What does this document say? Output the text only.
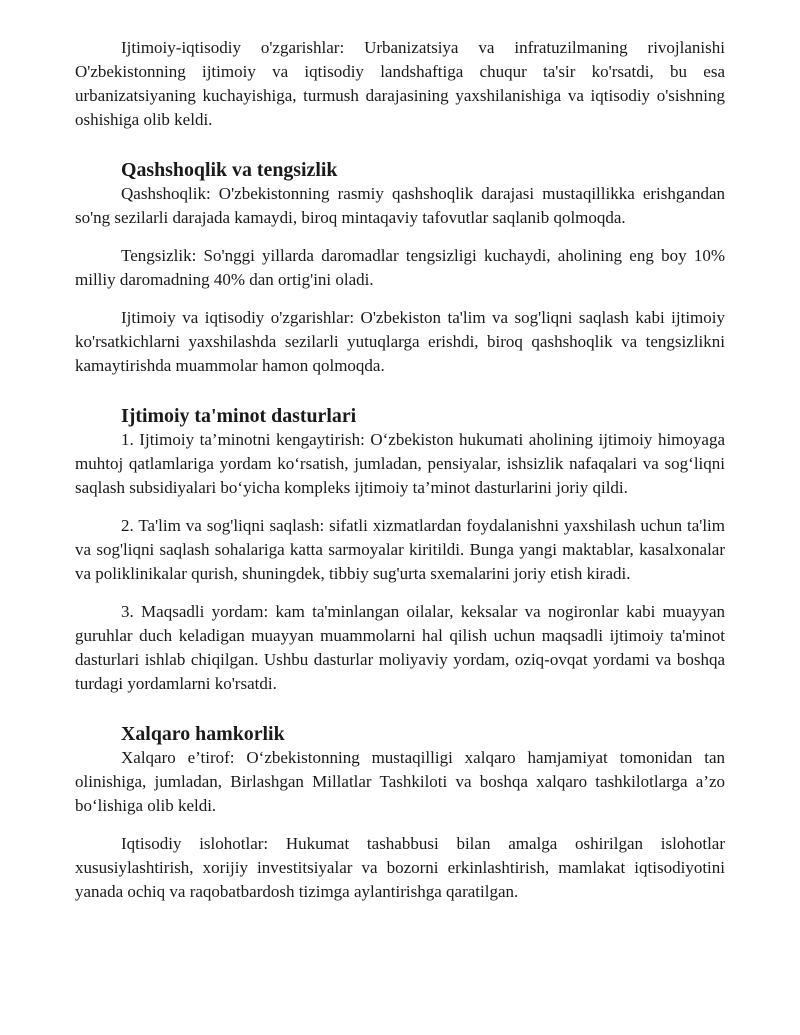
Ijtimoiy-iqtisodiy o'zgarishlar: Urbanizatsiya va infratuzilmaning rivojlanishi O'zbekistonning ijtimoiy va iqtisodiy landshaftiga chuqur ta'sir ko'rsatdi, bu esa urbanizatsiyaning kuchayishiga, turmush darajasining yaxshilanishiga va iqtisodiy o'sishning oshishiga olib keldi.

Qashshoqlik va tengsizlik

Qashshoqlik: O'zbekistonning rasmiy qashshoqlik darajasi mustaqillikka erishgandan so'ng sezilarli darajada kamaydi, biroq mintaqaviy tafovutlar saqlanib qolmoqda.

Tengsizlik: So'nggi yillarda daromadlar tengsizligi kuchaydi, aholining eng boy 10% milliy daromadning 40% dan ortig'ini oladi.

Ijtimoiy va iqtisodiy o'zgarishlar: O'zbekiston ta'lim va sog'liqni saqlash kabi ijtimoiy ko'rsatkichlarni yaxshilashda sezilarli yutuqlarga erishdi, biroq qashshoqlik va tengsizlikni kamaytirishda muammolar hamon qolmoqda.

Ijtimoiy ta'minot dasturlari

1. Ijtimoiy ta’minotni kengaytirish: O‘zbekiston hukumati aholining ijtimoiy himoyaga muhtoj qatlamlariga yordam ko‘rsatish, jumladan, pensiyalar, ishsizlik nafaqalari va sog‘liqni saqlash subsidiyalari bo‘yicha kompleks ijtimoiy ta’minot dasturlarini joriy qildi.

2. Ta'lim va sog'liqni saqlash: sifatli xizmatlardan foydalanishni yaxshilash uchun ta'lim va sog'liqni saqlash sohalariga katta sarmoyalar kiritildi. Bunga yangi maktablar, kasalxonalar va poliklinikalar qurish, shuningdek, tibbiy sug'urta sxemalarini joriy etish kiradi.

3. Maqsadli yordam: kam ta'minlangan oilalar, keksalar va nogironlar kabi muayyan guruhlar duch keladigan muayyan muammolarni hal qilish uchun maqsadli ijtimoiy ta'minot dasturlari ishlab chiqilgan. Ushbu dasturlar moliyaviy yordam, oziq-ovqat yordami va boshqa turdagi yordamlarni ko'rsatdi.

Xalqaro hamkorlik

Xalqaro e’tirof: O‘zbekistonning mustaqilligi xalqaro hamjamiyat tomonidan tan olinishiga, jumladan, Birlashgan Millatlar Tashkiloti va boshqa xalqaro tashkilotlarga a’zo bo‘lishiga olib keldi.

Iqtisodiy islohotlar: Hukumat tashabbusi bilan amalga oshirilgan islohotlar xususiylashtirish, xorijiy investitsiyalar va bozorni erkinlashtirish, mamlakat iqtisodiyotini yanada ochiq va raqobatbardosh tizimga aylantirishga qaratilgan.
